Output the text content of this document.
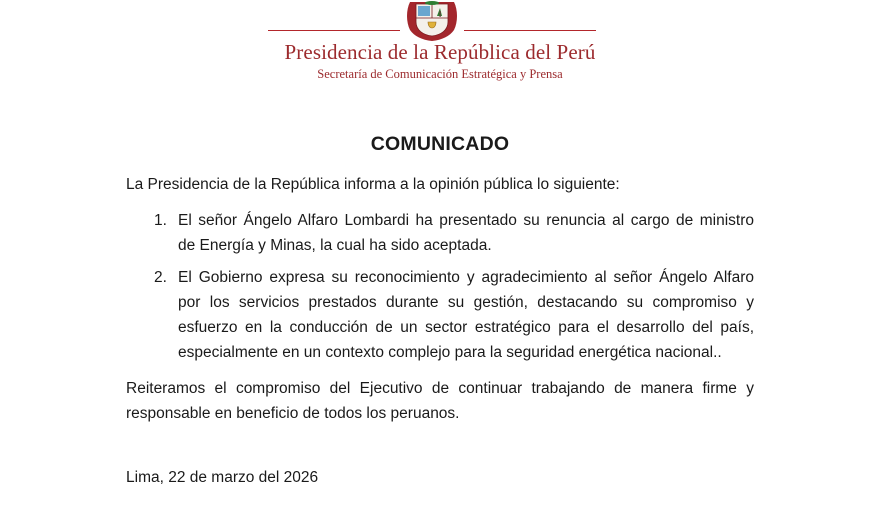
Presidencia de la República del Perú
Secretaría de Comunicación Estratégica y Prensa
COMUNICADO
La Presidencia de la República informa a la opinión pública lo siguiente:
1. El señor Ángelo Alfaro Lombardi ha presentado su renuncia al cargo de ministro
de Energía y Minas, la cual ha sido aceptada.
2. El Gobierno expresa su reconocimiento y agradecimiento al señor Ángelo Alfaro
por los servicios prestados durante su gestión, destacando su compromiso y
esfuerzo en la conducción de un sector estratégico para el desarrollo del país,
especialmente en un contexto complejo para la seguridad energética nacional..
Reiteramos el compromiso del Ejecutivo de continuar trabajando de manera firme y
responsable en beneficio de todos los peruanos.
Lima, 22 de marzo del 2026
